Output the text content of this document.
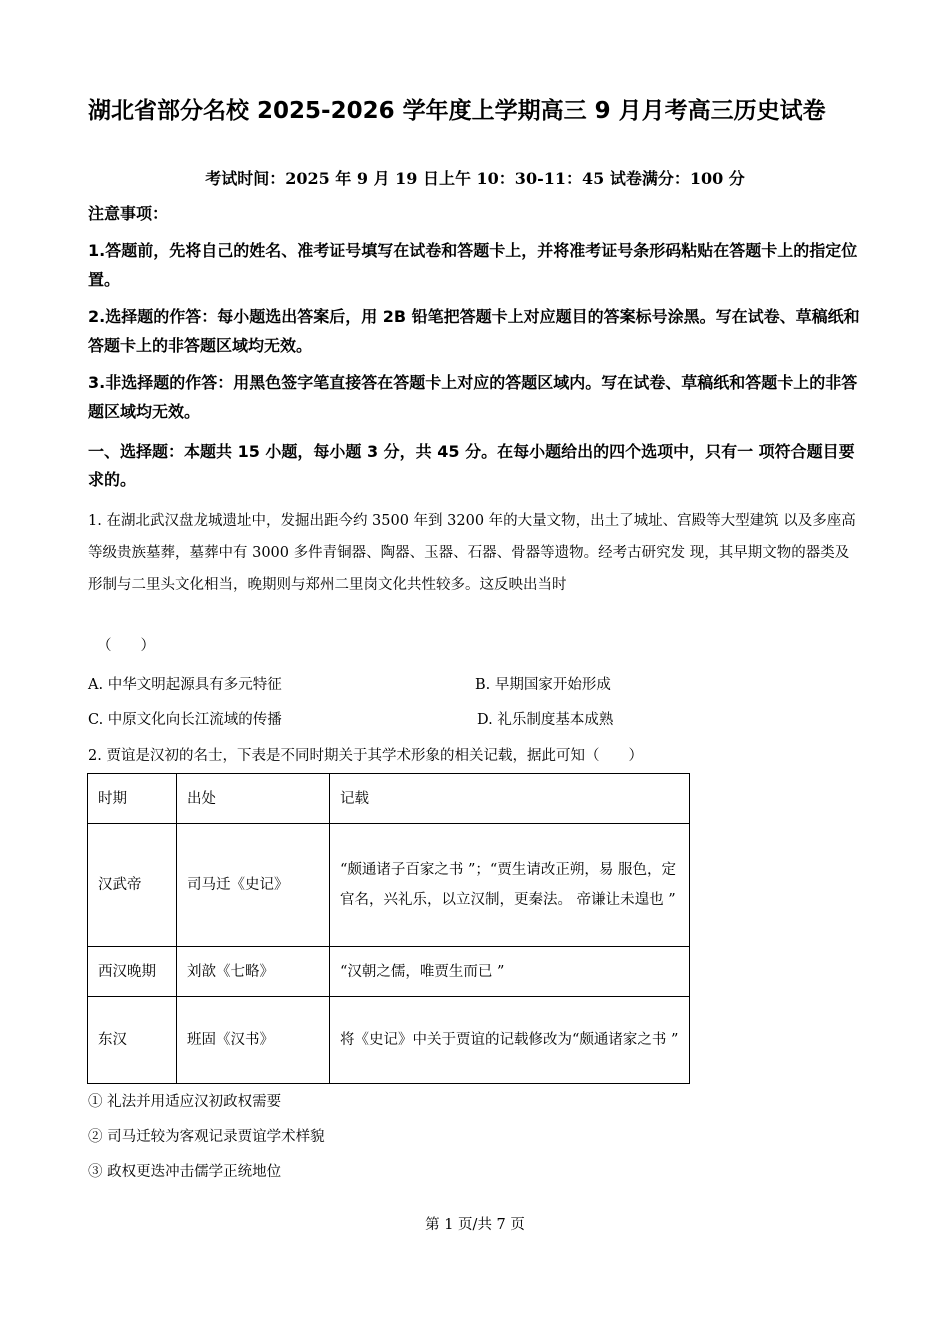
湖北省部分名校 2025-2026 学年度上学期高三 9 月月考高三历史试卷
考试时间：2025 年 9 月 19 日上午 10：30-11：45 试卷满分：100 分
注意事项：
1.答题前，先将自己的姓名、准考证号填写在试卷和答题卡上，并将准考证号条形码粘贴在答题卡上的指定位置。
2.选择题的作答：每小题选出答案后，用 2B 铅笔把答题卡上对应题目的答案标号涂黑。写在试卷、草稿纸和答题卡上的非答题区域均无效。
3.非选择题的作答：用黑色签字笔直接答在答题卡上对应的答题区域内。写在试卷、草稿纸和答题卡上的非答题区域均无效。
一、选择题：本题共 15 小题，每小题 3 分，共 45 分。在每小题给出的四个选项中，只有一 项符合题目要求的。
1. 在湖北武汉盘龙城遗址中，发掘出距今约 3500 年到 3200 年的大量文物，出土了城址、宫殿等大型建筑 以及多座高等级贵族墓葬，墓葬中有 3000 多件青铜器、陶器、玉器、石器、骨器等遗物。经考古研究发 现，其早期文物的器类及形制与二里头文化相当，晚期则与郑州二里岗文化共性较多。这反映出当时
（　　）
A. 中华文明起源具有多元特征	B. 早期国家开始形成
C. 中原文化向长江流域的传播	D. 礼乐制度基本成熟
2. 贾谊是汉初的名士，下表是不同时期关于其学术形象的相关记载，据此可知（　　）
时期	出处	记载
汉武帝	司马迁《史记》	“颇通诸子百家之书 ”；“贾生请改正朔，易 服色，定官名，兴礼乐，以立汉制，更秦法。 帝谦让未遑也 ”
西汉晚期	刘歆《七略》	“汉朝之儒，唯贾生而已 ”
东汉	班固《汉书》	将《史记》中关于贾谊的记载修改为“颇通诸家之书 ”
① 礼法并用适应汉初政权需要
② 司马迁较为客观记录贾谊学术样貌
③ 政权更迭冲击儒学正统地位
第 1 页/共 7 页
